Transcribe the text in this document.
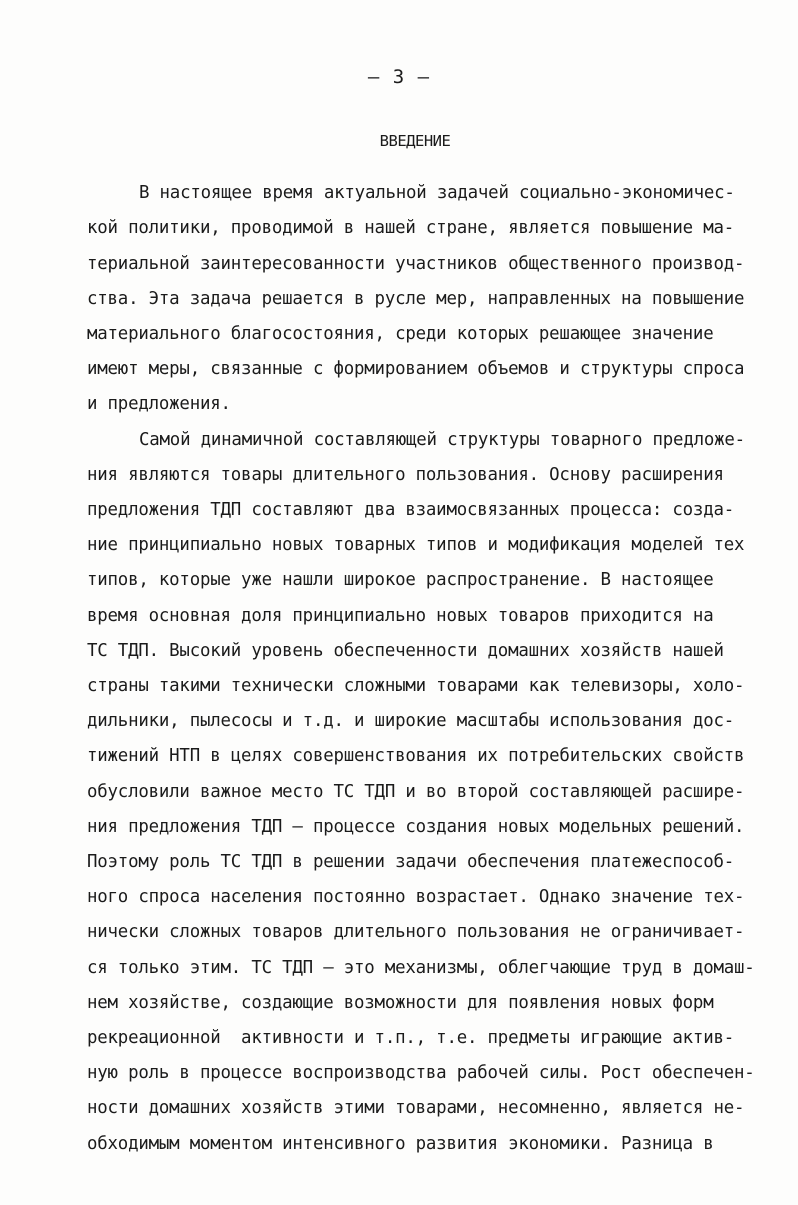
– 3 –
ВВЕДЕНИЕ
В настоящее время актуальной задачей социально-экономичес-
кой политики, проводимой в нашей стране, является повышение ма-
териальной заинтересованности участников общественного производ-
ства. Эта задача решается в русле мер, направленных на повышение
материального благосостояния, среди которых решающее значение
имеют меры, связанные с формированием объемов и структуры спроса
и предложения.
Самой динамичной составляющей структуры товарного предложе-
ния являются товары длительного пользования. Основу расширения
предложения ТДП составляют два взаимосвязанных процесса: созда-
ние принципиально новых товарных типов и модификация моделей тех
типов, которые уже нашли широкое распространение. В настоящее
время основная доля принципиально новых товаров приходится на
ТС ТДП. Высокий уровень обеспеченности домашних хозяйств нашей
страны такими технически сложными товарами как телевизоры, холо-
дильники, пылесосы и т.д. и широкие масштабы использования дос-
тижений НТП в целях совершенствования их потребительских свойств
обусловили важное место ТС ТДП и во второй составляющей расшире-
ния предложения ТДП – процессе создания новых модельных решений.
Поэтому роль ТС ТДП в решении задачи обеспечения платежеспособ-
ного спроса населения постоянно возрастает. Однако значение тех-
нически сложных товаров длительного пользования не ограничивает-
ся только этим. ТС ТДП – это механизмы, облегчающие труд в домаш-
нем хозяйстве, создающие возможности для появления новых форм
рекреационной  активности и т.п., т.е. предметы играющие актив-
ную роль в процессе воспроизводства рабочей силы. Рост обеспечен-
ности домашних хозяйств этими товарами, несомненно, является не-
обходимым моментом интенсивного развития экономики. Разница в
